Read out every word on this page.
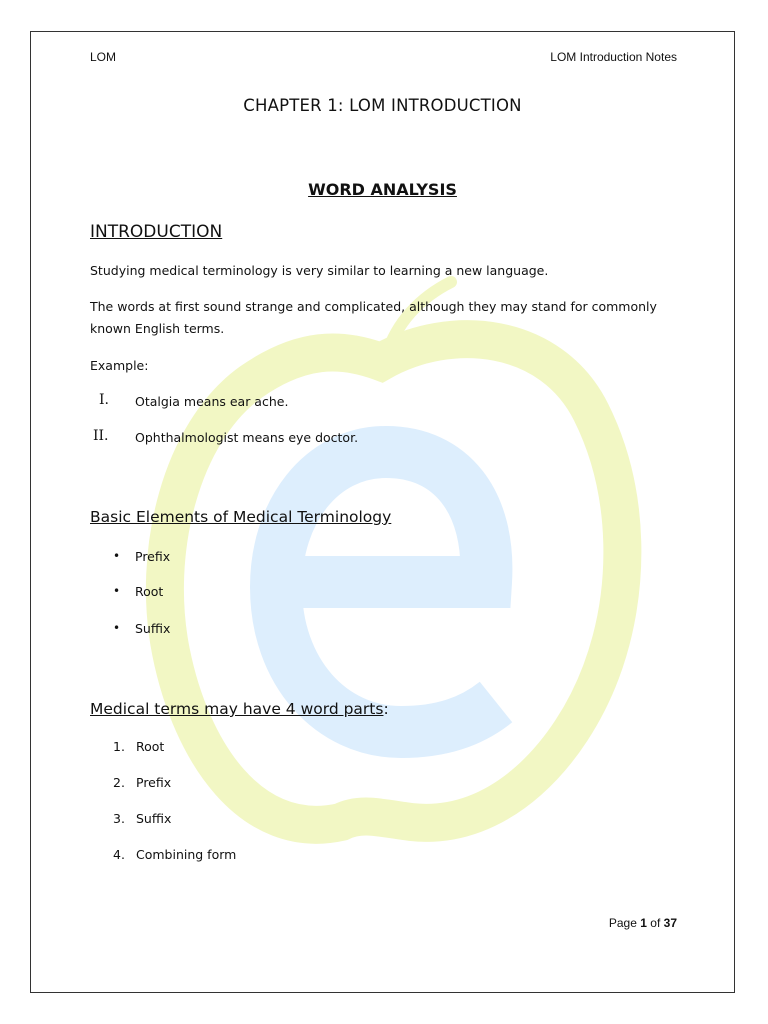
LOM	LOM Introduction Notes
CHAPTER 1: LOM INTRODUCTION
WORD ANALYSIS
INTRODUCTION
Studying medical terminology is very similar to learning a new language.
The words at first sound strange and complicated, although they may stand for commonly
known English terms.
Example:
I. Otalgia means ear ache.
II. Ophthalmologist means eye doctor.
Basic Elements of Medical Terminology
• Prefix
• Root
• Suffix
Medical terms may have 4 word parts:
1. Root
2. Prefix
3. Suffix
4. Combining form
Page 1 of 37
